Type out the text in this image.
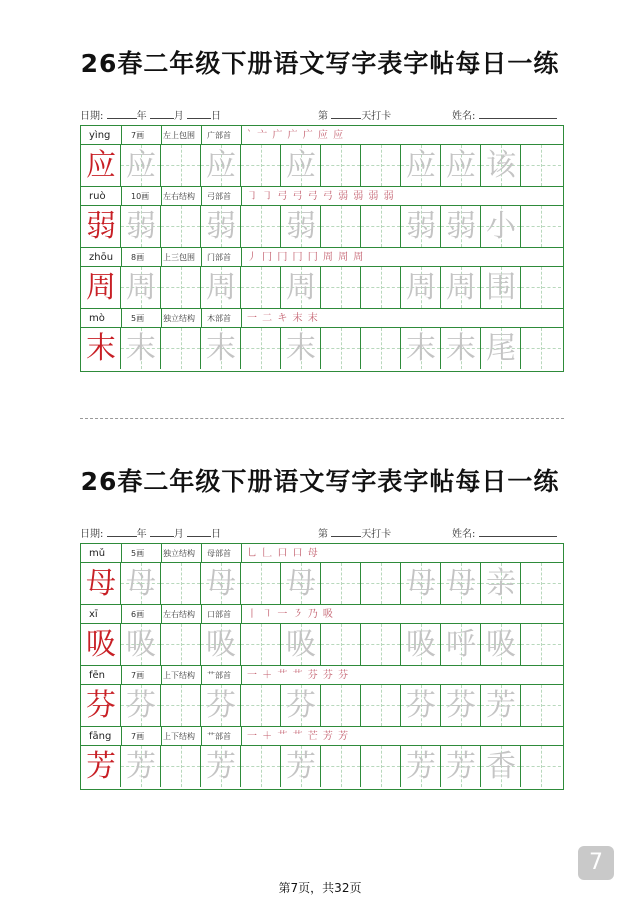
26春二年级下册语文写字表字帖每日一练
日期:	年	月	日	第	天打卡	姓名:
yìng	7画 左上包围 广部首 ` 亠 广 广 广 应 应
应 应 应 应	应 应 该
ruò	10画 左右结构 弓部首 ㇆ ㇆ 弓 弓 弓 弓 弱 弱 弱 弱
弱 弱 弱 弱	弱 弱 小
zhōu 8画 上三包围 门部首 丿 冂 冂 冂 冂 周 周 周
周 周 周 周	周 周 围
mò	5画 独立结构 木部首 一 二 キ 末 末
末 末 末 末	末 末 尾
26春二年级下册语文写字表字帖每日一练
日期:	年	月	日	第	天打卡	姓名:
mǔ	5画 独立结构 母部首 乚 𠃊 口 口 母
母 母 母 母	母 母 亲
xī	6画 左右结构 口部首 丨 ㇕ 一 ㇋ 乃 吸
吸 吸 吸 吸	吸 呼 吸
fēn	7画 上下结构 艹部首 一 ＋ 艹 艹 芬 芬 芬
芬 芬 芬 芬	芬 芬 芳
fāng 7画 上下结构 艹部首 一 ＋ 艹 艹 芒 芳 芳
芳 芳 芳 芳	芳 芳 香
第7页，共32页
7
